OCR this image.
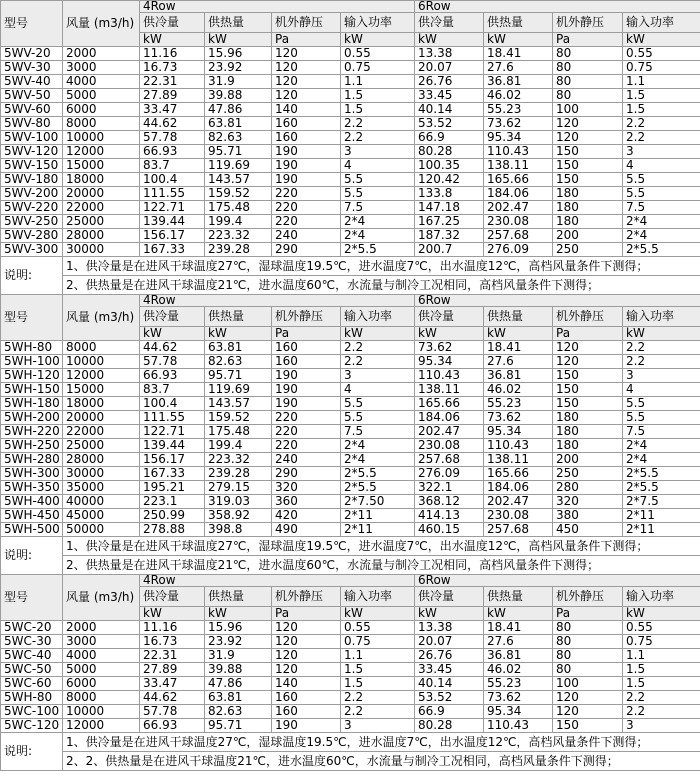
型号	风量 (m3/h)	4Row				6Row			
		供冷量	供热量	机外静压	输入功率	供冷量	供热量	机外静压	输入功率
		kW	kW	Pa	kW	kW	kW	Pa	kW
5WV-20	2000	11.16	15.96	120	0.55	13.38	18.41	80	0.55
5WV-30	3000	16.73	23.92	120	0.75	20.07	27.6	80	0.75
5WV-40	4000	22.31	31.9	120	1.1	26.76	36.81	80	1.1
5WV-50	5000	27.89	39.88	120	1.5	33.45	46.02	80	1.5
5WV-60	6000	33.47	47.86	140	1.5	40.14	55.23	100	1.5
5WV-80	8000	44.62	63.81	160	2.2	53.52	73.62	120	2.2
5WV-100	10000	57.78	82.63	160	2.2	66.9	95.34	120	2.2
5WV-120	12000	66.93	95.71	190	3	80.28	110.43	150	3
5WV-150	15000	83.7	119.69	190	4	100.35	138.11	150	4
5WV-180	18000	100.4	143.57	190	5.5	120.42	165.66	150	5.5
5WV-200	20000	111.55	159.52	220	5.5	133.8	184.06	180	5.5
5WV-220	22000	122.71	175.48	220	7.5	147.18	202.47	180	7.5
5WV-250	25000	139.44	199.4	220	2*4	167.25	230.08	180	2*4
5WV-280	28000	156.17	223.32	240	2*4	187.32	257.68	200	2*4
5WV-300	30000	167.33	239.28	290	2*5.5	200.7	276.09	250	2*5.5
说明:	1、供冷量是在进风干球温度27℃，湿球温度19.5℃，进水温度7℃，出水温度12℃，高档风量条件下测得；								
	2、供热量是在进风干球温度21℃，进水温度60℃，水流量与制冷工况相同，高档风量条件下测得；								
型号	风量 (m3/h)	4Row				6Row			
		供冷量	供热量	机外静压	输入功率	供冷量	供热量	机外静压	输入功率
		kW	kW	Pa	kW	kW	kW	Pa	kW
5WH-80	8000	44.62	63.81	160	2.2	73.62	18.41	120	2.2
5WH-100	10000	57.78	82.63	160	2.2	95.34	27.6	120	2.2
5WH-120	12000	66.93	95.71	190	3	110.43	36.81	150	3
5WH-150	15000	83.7	119.69	190	4	138.11	46.02	150	4
5WH-180	18000	100.4	143.57	190	5.5	165.66	55.23	150	5.5
5WH-200	20000	111.55	159.52	220	5.5	184.06	73.62	180	5.5
5WH-220	22000	122.71	175.48	220	7.5	202.47	95.34	180	7.5
5WH-250	25000	139.44	199.4	220	2*4	230.08	110.43	180	2*4
5WH-280	28000	156.17	223.32	240	2*4	257.68	138.11	200	2*4
5WH-300	30000	167.33	239.28	290	2*5.5	276.09	165.66	250	2*5.5
5WH-350	35000	195.21	279.15	320	2*5.5	322.1	184.06	280	2*5.5
5WH-400	40000	223.1	319.03	360	2*7.50	368.12	202.47	320	2*7.5
5WH-450	45000	250.99	358.92	420	2*11	414.13	230.08	380	2*11
5WH-500	50000	278.88	398.8	490	2*11	460.15	257.68	450	2*11
说明:	1、供冷量是在进风干球温度27℃，湿球温度19.5℃，进水温度7℃，出水温度12℃，高档风量条件下测得；								
	2、供热量是在进风干球温度21℃，进水温度60℃，水流量与制冷工况相同，高档风量条件下测得；								
型号	风量 (m3/h)	4Row				6Row			
		供冷量	供热量	机外静压	输入功率	供冷量	供热量	机外静压	输入功率
		kW	kW	Pa	kW	kW	kW	Pa	kW
5WC-20	2000	11.16	15.96	120	0.55	13.38	18.41	80	0.55
5WC-30	3000	16.73	23.92	120	0.75	20.07	27.6	80	0.75
5WC-40	4000	22.31	31.9	120	1.1	26.76	36.81	80	1.1
5WC-50	5000	27.89	39.88	120	1.5	33.45	46.02	80	1.5
5WC-60	6000	33.47	47.86	140	1.5	40.14	55.23	100	1.5
5WH-80	8000	44.62	63.81	160	2.2	53.52	73.62	120	2.2
5WC-100	10000	57.78	82.63	160	2.2	66.9	95.34	120	2.2
5WC-120	12000	66.93	95.71	190	3	80.28	110.43	150	3
说明:	1、供冷量是在进风干球温度27℃，湿球温度19.5℃，进水温度7℃，出水温度12℃，高档风量条件下测得；								
	2、2、供热量是在进风干球温度21℃，进水温度60℃，水流量与制冷工况相同，高档风量条件下测得；								
